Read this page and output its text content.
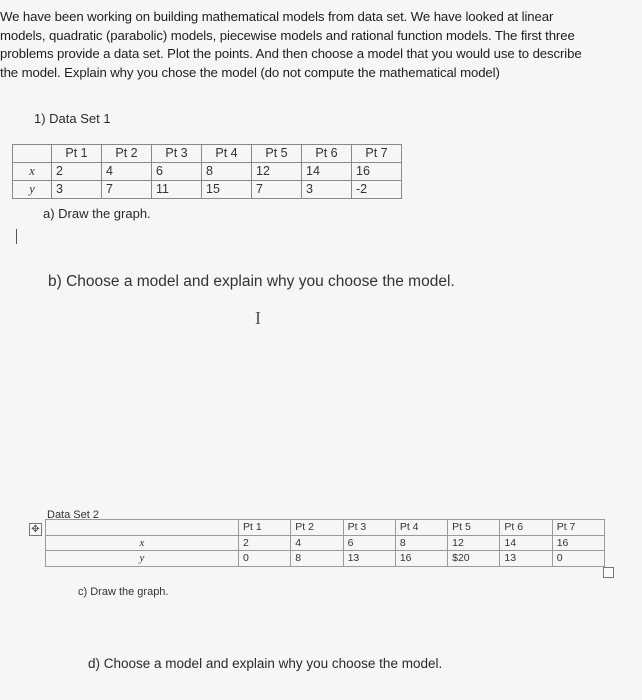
We have been working on building mathematical models from data set. We have looked at linear

models, quadratic (parabolic) models, piecewise models and rational function models. The first three

problems provide a data set. Plot the points. And then choose a model that you would use to describe

the model. Explain why you chose the model (do not compute the mathematical model)

1) Data Set 1
	Pt 1	Pt 2	Pt 3	Pt 4	Pt 5	Pt 6	Pt 7
x	2	4	6	8	12	14	16
y	3	7	11	15	7	3	-2
a) Draw the graph.
b) Choose a model and explain why you choose the model.
I
Data Set 2
✥
		Pt 1	Pt 2	Pt 3	Pt 4	Pt 5	Pt 6	Pt 7
x	2	4	6	8	12	14	16
y	0	8	13	16	$20	13	0
c) Draw the graph.
d) Choose a model and explain why you choose the model.
